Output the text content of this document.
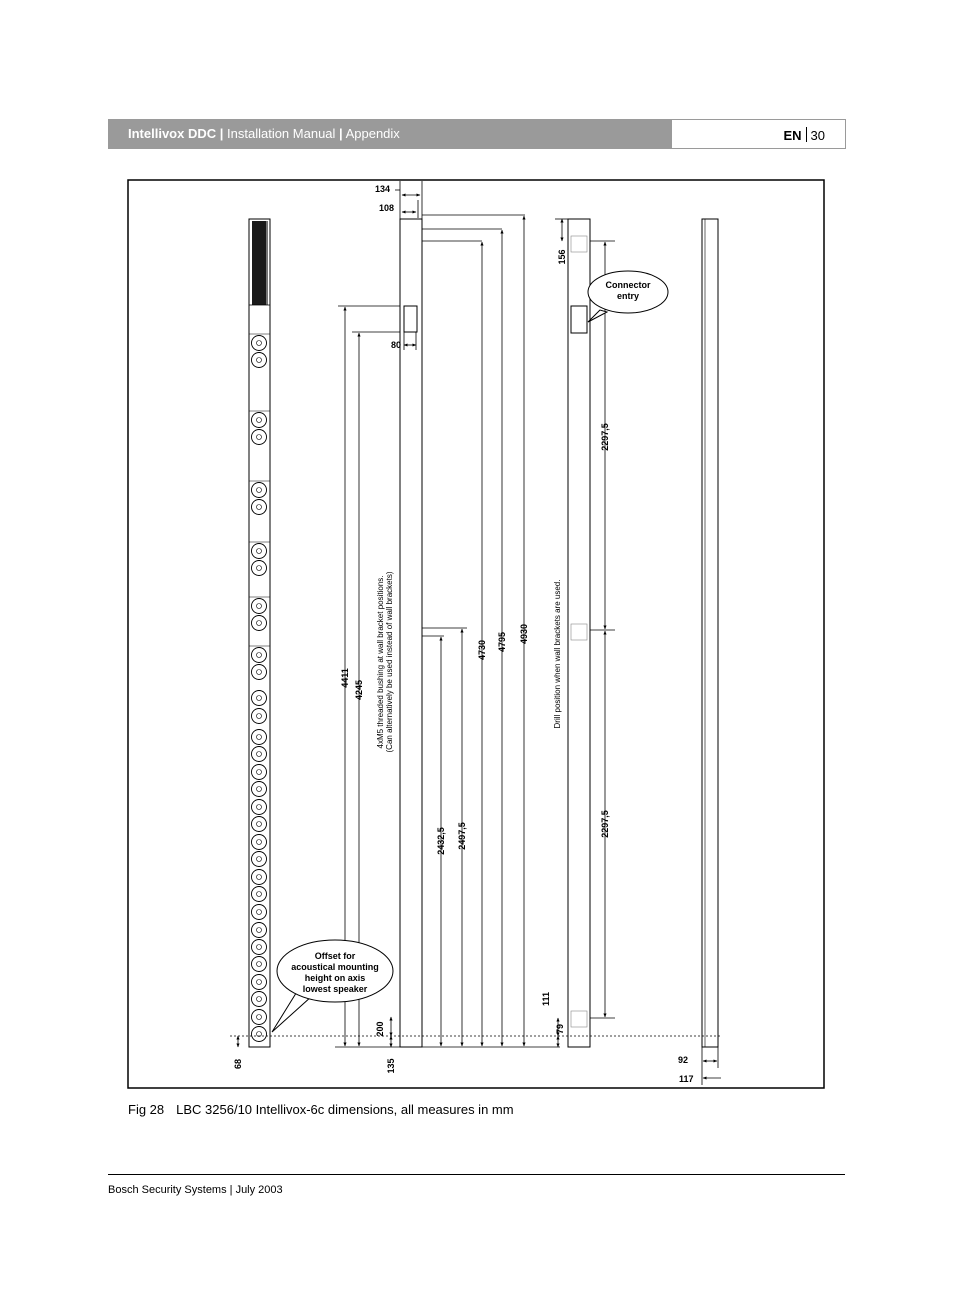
Intellivox DDC | Installation Manual | Appendix	EN 30
134
108
80
4411
4245
4730 4795 4930
2432,5 2497,5
2297,5
2297,5
156
111
79
200
135
68	92
117
4xM5 threaded bushing at wall bracket positions. (Can alternatively be used instead of wall brackets)	Drill position when wall brackets are used.
Connector
entry
Offset for
acoustical mounting
height on axis
lowest speaker
Fig 28 LBC 3256/10 Intellivox-6c dimensions, all measures in mm
Bosch Security Systems | July 2003
